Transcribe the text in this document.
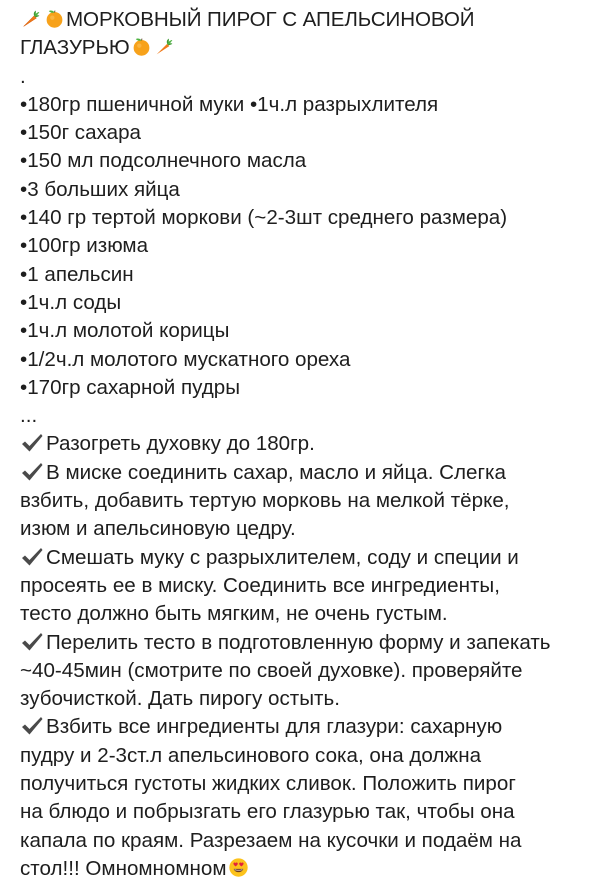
МОРКОВНЫЙ ПИРОГ С АПЕЛЬСИНОВОЙ
ГЛАЗУРЬЮ
.
•180гр пшеничной муки •1ч.л разрыхлителя
•150г сахара
•150 мл подсолнечного масла
•3 больших яйца
•140 гр тертой моркови (~2-3шт среднего размера)
•100гр изюма
•1 апельсин
•1ч.л соды
•1ч.л молотой корицы
•1/2ч.л молотого мускатного ореха
•170гр сахарной пудры
...
Разогреть духовку до 180гр.
В миске соединить сахар, масло и яйца. Слегка
взбить, добавить тертую морковь на мелкой тёрке,
изюм и апельсиновую цедру.
Смешать муку с разрыхлителем, соду и специи и
просеять ее в миску. Соединить все ингредиенты,
тесто должно быть мягким, не очень густым.
Перелить тесто в подготовленную форму и запекать
~40-45мин (смотрите по своей духовке). проверяйте
зубочисткой. Дать пирогу остыть.
Взбить все ингредиенты для глазури: сахарную
пудру и 2-3ст.л апельсинового сока, она должна
получиться густоты жидких сливок. Положить пирог
на блюдо и побрызгать его глазурью так, чтобы она
капала по краям. Разрезаем на кусочки и подаём на
стол!!! Омномномном
